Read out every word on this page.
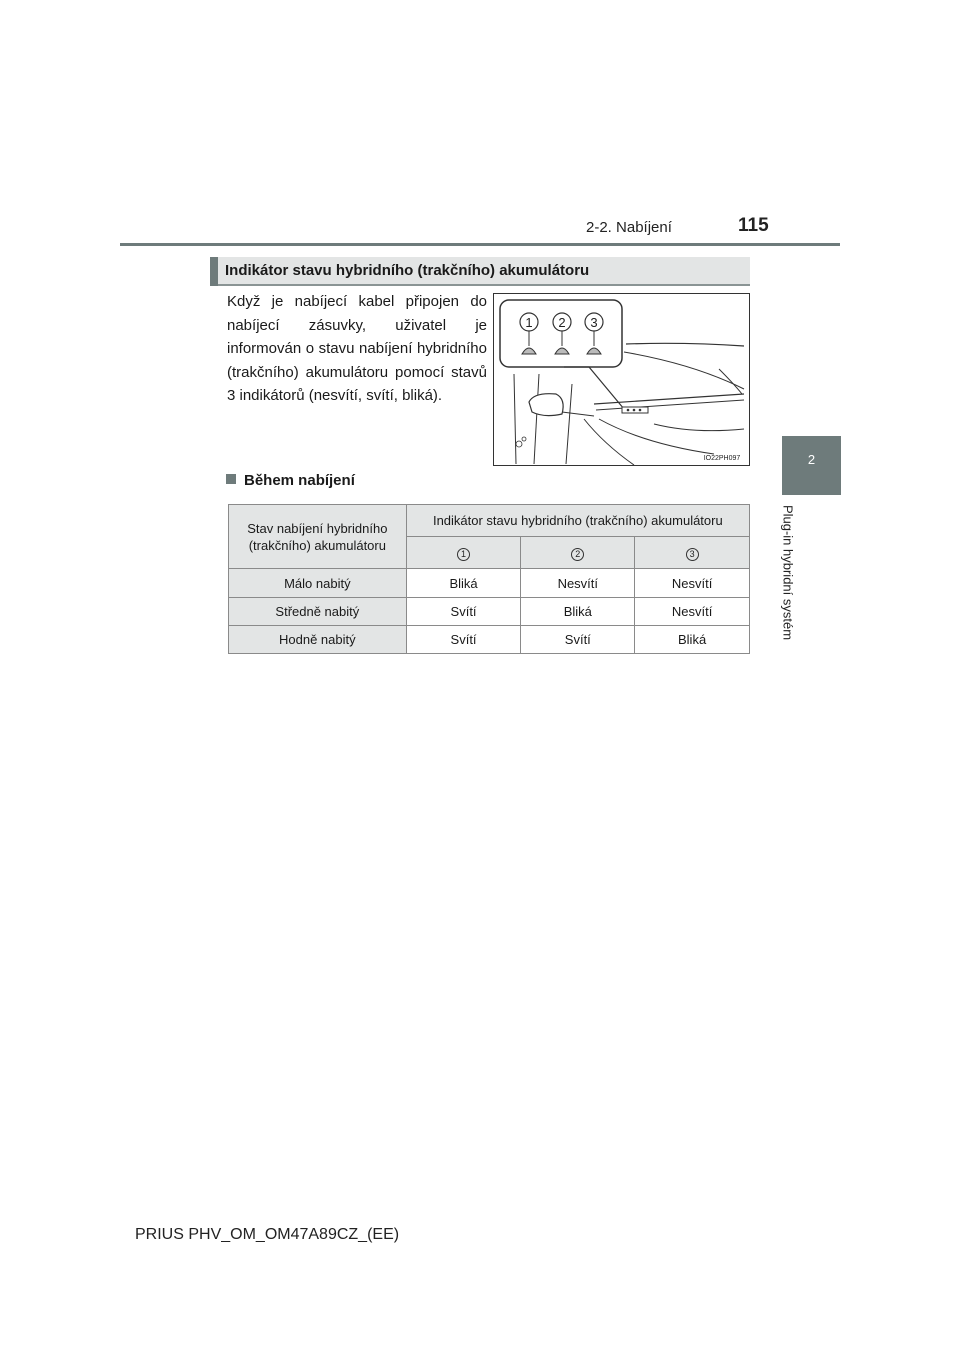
2-2. Nabíjení	115
2
Plug-in hybridní systém
Indikátor stavu hybridního (trakčního) akumulátoru
Když je nabíjecí kabel připojen do nabíjecí zásuvky, uživatel je informován o stavu nabíjení hybridního (trakčního) akumulátoru pomocí stavů 3 indikátorů (nesvítí, svítí, bliká).
1 2 3
IO22PH097
Během nabíjení
Stav nabíjení hybridního (trakčního) akumulátoru	Indikátor stavu hybridního (trakčního) akumulátoru		
	1	2	3
Málo nabitý	Bliká	Nesvítí	Nesvítí
Středně nabitý	Svítí	Bliká	Nesvítí
Hodně nabitý	Svítí	Svítí	Bliká
PRIUS PHV_OM_OM47A89CZ_(EE)
